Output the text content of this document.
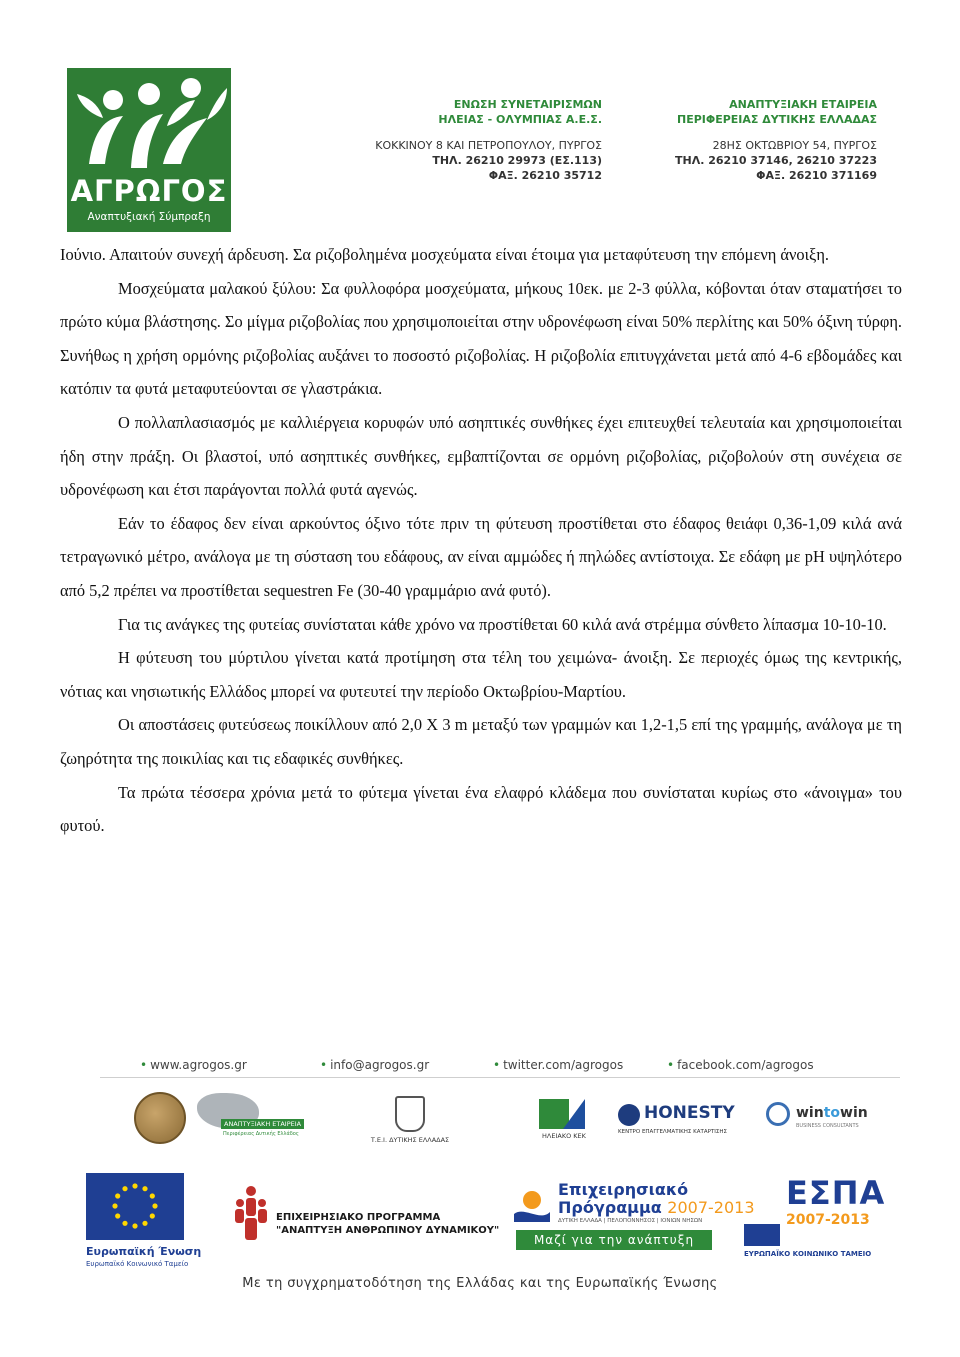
ΑΓΡΩΓΟΣ
Αναπτυξιακή Σύμπραξη
ΕΝΩΣΗ ΣΥΝΕΤΑΙΡΙΣΜΩΝ
ΗΛΕΙΑΣ - ΟΛΥΜΠΙΑΣ Α.Ε.Σ.
ΚΟΚΚΙΝΟΥ 8 ΚΑΙ ΠΕΤΡΟΠΟΥΛΟΥ, ΠΥΡΓΟΣ
ΤΗΛ. 26210 29973 (ΕΣ.113)
ΦΑΞ. 26210 35712
ΑΝΑΠΤΥΞΙΑΚΗ ΕΤΑΙΡΕΙΑ
ΠΕΡΙΦΕΡΕΙΑΣ ΔΥΤΙΚΗΣ ΕΛΛΑΔΑΣ
28ΗΣ ΟΚΤΩΒΡΙΟΥ 54, ΠΥΡΓΟΣ
ΤΗΛ. 26210 37146, 26210 37223
ΦΑΞ. 26210 371169

Ιούνιο. Απαιτούν συνεχή άρδευση. Σα ριζοβολημένα μοσχεύματα είναι έτοιμα για μεταφύτευση την επόμενη άνοιξη.

Μοσχεύματα μαλακού ξύλου: Σα φυλλοφόρα μοσχεύματα, μήκους 10εκ. με 2-3 φύλλα, κόβονται όταν σταματήσει το πρώτο κύμα βλάστησης. Σο μίγμα ριζοβολίας που χρησιμοποιείται στην υδρονέφωση είναι 50% περλίτης και 50% όξινη τύρφη. Συνήθως η χρήση ορμόνης ριζοβολίας αυξάνει το ποσοστό ριζοβολίας. Η ριζοβολία επιτυγχάνεται μετά από 4-6 εβδομάδες και κατόπιν τα φυτά μεταφυτεύονται σε γλαστράκια.

Ο πολλαπλασιασμός με καλλιέργεια κορυφών υπό ασηπτικές συνθήκες έχει επιτευχθεί τελευταία και χρησιμοποιείται ήδη στην πράξη. Οι βλαστοί, υπό ασηπτικές συνθήκες, εμβαπτίζονται σε ορμόνη ριζοβολίας, ριζοβολούν στη συνέχεια σε υδρονέφωση και έτσι παράγονται πολλά φυτά αγενώς.

Εάν το έδαφος δεν είναι αρκούντος όξινο τότε πριν τη φύτευση προστίθεται στο έδαφος θειάφι 0,36-1,09 κιλά ανά τετραγωνικό μέτρο, ανάλογα με τη σύσταση του εδάφους, αν είναι αμμώδες ή πηλώδες αντίστοιχα. Σε εδάφη με pH υψηλότερο από 5,2 πρέπει να προστίθεται sequestren Fe (30-40 γραμμάριο ανά φυτό).

Για τις ανάγκες της φυτείας συνίσταται κάθε χρόνο να προστίθεται 60 κιλά ανά στρέμμα σύνθετο λίπασμα 10-10-10.

Η φύτευση του μύρτιλου γίνεται κατά προτίμηση στα τέλη του χειμώνα- άνοιξη. Σε περιοχές όμως της κεντρικής, νότιας και νησιωτικής Ελλάδος μπορεί να φυτευτεί την περίοδο Οκτωβρίου-Μαρτίου.

Οι αποστάσεις φυτεύσεως ποικίλλουν από 2,0 Χ 3 m μεταξύ των γραμμών και 1,2-1,5 επί της γραμμής, ανάλογα με τη ζωηρότητα της ποικιλίας και τις εδαφικές συνθήκες.

Τα πρώτα τέσσερα χρόνια μετά το φύτεμα γίνεται ένα ελαφρό κλάδεμα που συνίσταται κυρίως στο «άνοιγμα» του φυτού.

• www.agrogos.gr	• info@agrogos.gr	• twitter.com/agrogos	• facebook.com/agrogos
ΑΝΑΠΤΥΞΙΑΚΗ ΕΤΑΙΡΕΙΑ
Περιφέρειας Δυτικής Ελλάδος
Τ.Ε.Ι. ΔΥΤΙΚΗΣ ΕΛΛΑΔΑΣ	ΗΛΕΙΑΚΟ ΚΕΚ
HONESTY
ΚΕΝΤΡΟ ΕΠΑΓΓΕΛΜΑΤΙΚΗΣ ΚΑΤΑΡΤΙΣΗΣ
wintowin
BUSINESS CONSULTANTS
Ευρωπαϊκή Ένωση
Ευρωπαϊκό Κοινωνικό Ταμείο
ΕΠΙΧΕΙΡΗΣΙΑΚΟ ΠΡΟΓΡΑΜΜΑ
"ΑΝΑΠΤΥΞΗ ΑΝΘΡΩΠΙΝΟΥ ΔΥΝΑΜΙΚΟΥ"
Επιχειρησιακό
Πρόγραμμα 2007-2013
ΔΥΤΙΚΗ ΕΛΛΑΔΑ | ΠΕΛΟΠΟΝΝΗΣΟΣ | ΙΟΝΙΩΝ ΝΗΣΩΝ
Μαζί για την ανάπτυξη
ΕΣΠΑ
2007-2013
ΕΥΡΩΠΑΪΚΟ ΚΟΙΝΩΝΙΚΟ ΤΑΜΕΙΟ
Με τη συγχρηματοδότηση της Ελλάδας και της Ευρωπαϊκής Ένωσης
